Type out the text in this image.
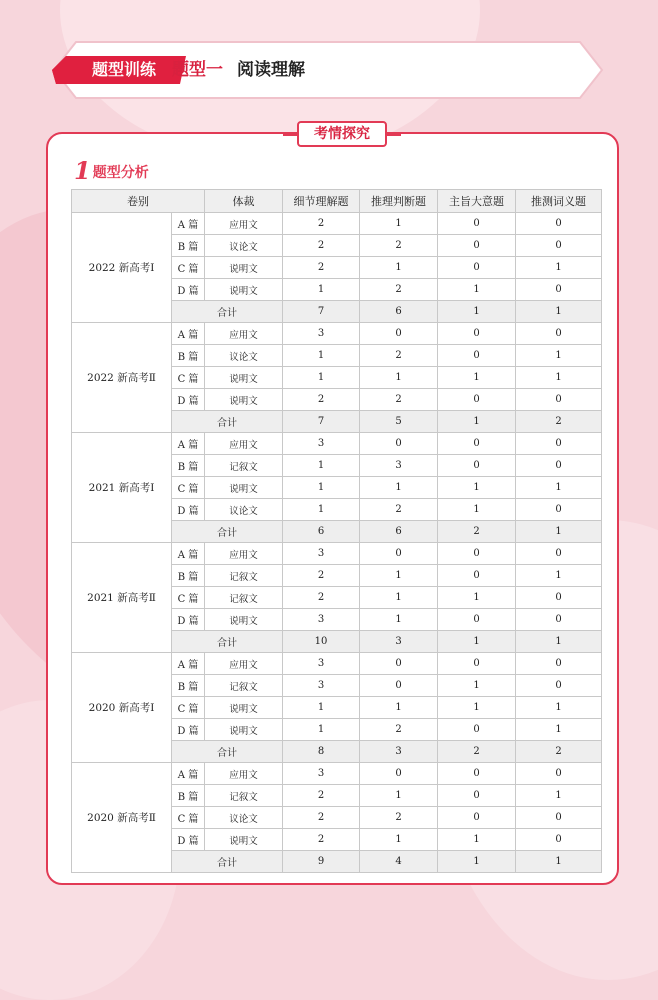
题型训练 题型一 阅读理解
考情探究
1 题型分析
卷别		体裁	细节理解题	推理判断题	主旨大意题	推测词义题
2022 新高考Ⅰ	A 篇	应用文	2	1	0	0
	B 篇	议论文	2	2	0	0
	C 篇	说明文	2	1	0	1
	D 篇	说明文	1	2	1	0
	合计		7	6	1	1
2022 新高考Ⅱ	A 篇	应用文	3	0	0	0
	B 篇	议论文	1	2	0	1
	C 篇	说明文	1	1	1	1
	D 篇	说明文	2	2	0	0
	合计		7	5	1	2
2021 新高考Ⅰ	A 篇	应用文	3	0	0	0
	B 篇	记叙文	1	3	0	0
	C 篇	说明文	1	1	1	1
	D 篇	议论文	1	2	1	0
	合计		6	6	2	1
2021 新高考Ⅱ	A 篇	应用文	3	0	0	0
	B 篇	记叙文	2	1	0	1
	C 篇	记叙文	2	1	1	0
	D 篇	说明文	3	1	0	0
	合计		10	3	1	1
2020 新高考Ⅰ	A 篇	应用文	3	0	0	0
	B 篇	记叙文	3	0	1	0
	C 篇	说明文	1	1	1	1
	D 篇	说明文	1	2	0	1
	合计		8	3	2	2
2020 新高考Ⅱ	A 篇	应用文	3	0	0	0
	B 篇	记叙文	2	1	0	1
	C 篇	议论文	2	2	0	0
	D 篇	说明文	2	1	1	0
	合计		9	4	1	1
